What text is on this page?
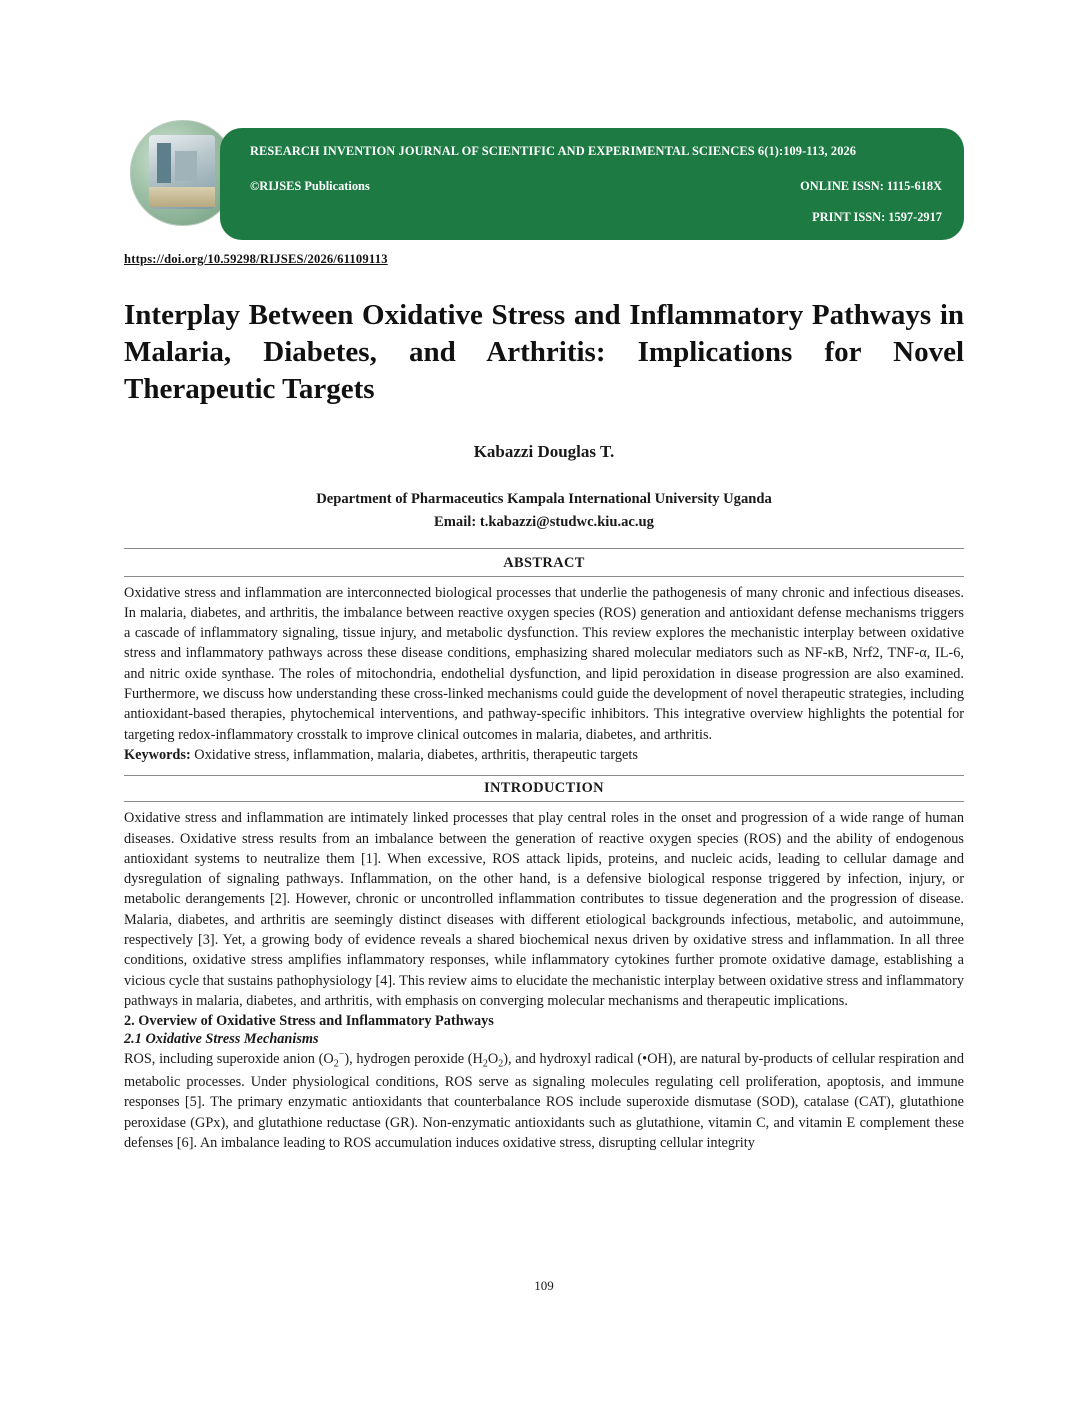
RESEARCH INVENTION JOURNAL OF SCIENTIFIC AND EXPERIMENTAL SCIENCES 6(1):109-113, 2026
©RIJSES Publications	ONLINE ISSN: 1115-618X
PRINT ISSN: 1597-2917
https://doi.org/10.59298/RIJSES/2026/61109113
Interplay Between Oxidative Stress and Inflammatory Pathways in Malaria, Diabetes, and Arthritis: Implications for Novel Therapeutic Targets
Kabazzi Douglas T.
Department of Pharmaceutics Kampala International University Uganda
Email: t.kabazzi@studwc.kiu.ac.ug
ABSTRACT

Oxidative stress and inflammation are interconnected biological processes that underlie the pathogenesis of many chronic and infectious diseases. In malaria, diabetes, and arthritis, the imbalance between reactive oxygen species (ROS) generation and antioxidant defense mechanisms triggers a cascade of inflammatory signaling, tissue injury, and metabolic dysfunction. This review explores the mechanistic interplay between oxidative stress and inflammatory pathways across these disease conditions, emphasizing shared molecular mediators such as NF-κB, Nrf2, TNF-α, IL-6, and nitric oxide synthase. The roles of mitochondria, endothelial dysfunction, and lipid peroxidation in disease progression are also examined. Furthermore, we discuss how understanding these cross-linked mechanisms could guide the development of novel therapeutic strategies, including antioxidant-based therapies, phytochemical interventions, and pathway-specific inhibitors. This integrative overview highlights the potential for targeting redox-inflammatory crosstalk to improve clinical outcomes in malaria, diabetes, and arthritis.

Keywords: Oxidative stress, inflammation, malaria, diabetes, arthritis, therapeutic targets

INTRODUCTION

Oxidative stress and inflammation are intimately linked processes that play central roles in the onset and progression of a wide range of human diseases. Oxidative stress results from an imbalance between the generation of reactive oxygen species (ROS) and the ability of endogenous antioxidant systems to neutralize them [1]. When excessive, ROS attack lipids, proteins, and nucleic acids, leading to cellular damage and dysregulation of signaling pathways. Inflammation, on the other hand, is a defensive biological response triggered by infection, injury, or metabolic derangements [2]. However, chronic or uncontrolled inflammation contributes to tissue degeneration and the progression of disease. Malaria, diabetes, and arthritis are seemingly distinct diseases with different etiological backgrounds infectious, metabolic, and autoimmune, respectively [3]. Yet, a growing body of evidence reveals a shared biochemical nexus driven by oxidative stress and inflammation. In all three conditions, oxidative stress amplifies inflammatory responses, while inflammatory cytokines further promote oxidative damage, establishing a vicious cycle that sustains pathophysiology [4]. This review aims to elucidate the mechanistic interplay between oxidative stress and inflammatory pathways in malaria, diabetes, and arthritis, with emphasis on converging molecular mechanisms and therapeutic implications.

2. Overview of Oxidative Stress and Inflammatory Pathways
2.1 Oxidative Stress Mechanisms

ROS, including superoxide anion $(O_2^-)$, hydrogen peroxide $(H_2O_2)$, and hydroxyl radical (•OH), are natural by-products of cellular respiration and metabolic processes. Under physiological conditions, ROS serve as signaling molecules regulating cell proliferation, apoptosis, and immune responses [5]. The primary enzymatic antioxidants that counterbalance ROS include superoxide dismutase (SOD), catalase (CAT), glutathione peroxidase (GPx), and glutathione reductase (GR). Non-enzymatic antioxidants such as glutathione, vitamin C, and vitamin E complement these defenses [6]. An imbalance leading to ROS accumulation induces oxidative stress, disrupting cellular integrity

109
